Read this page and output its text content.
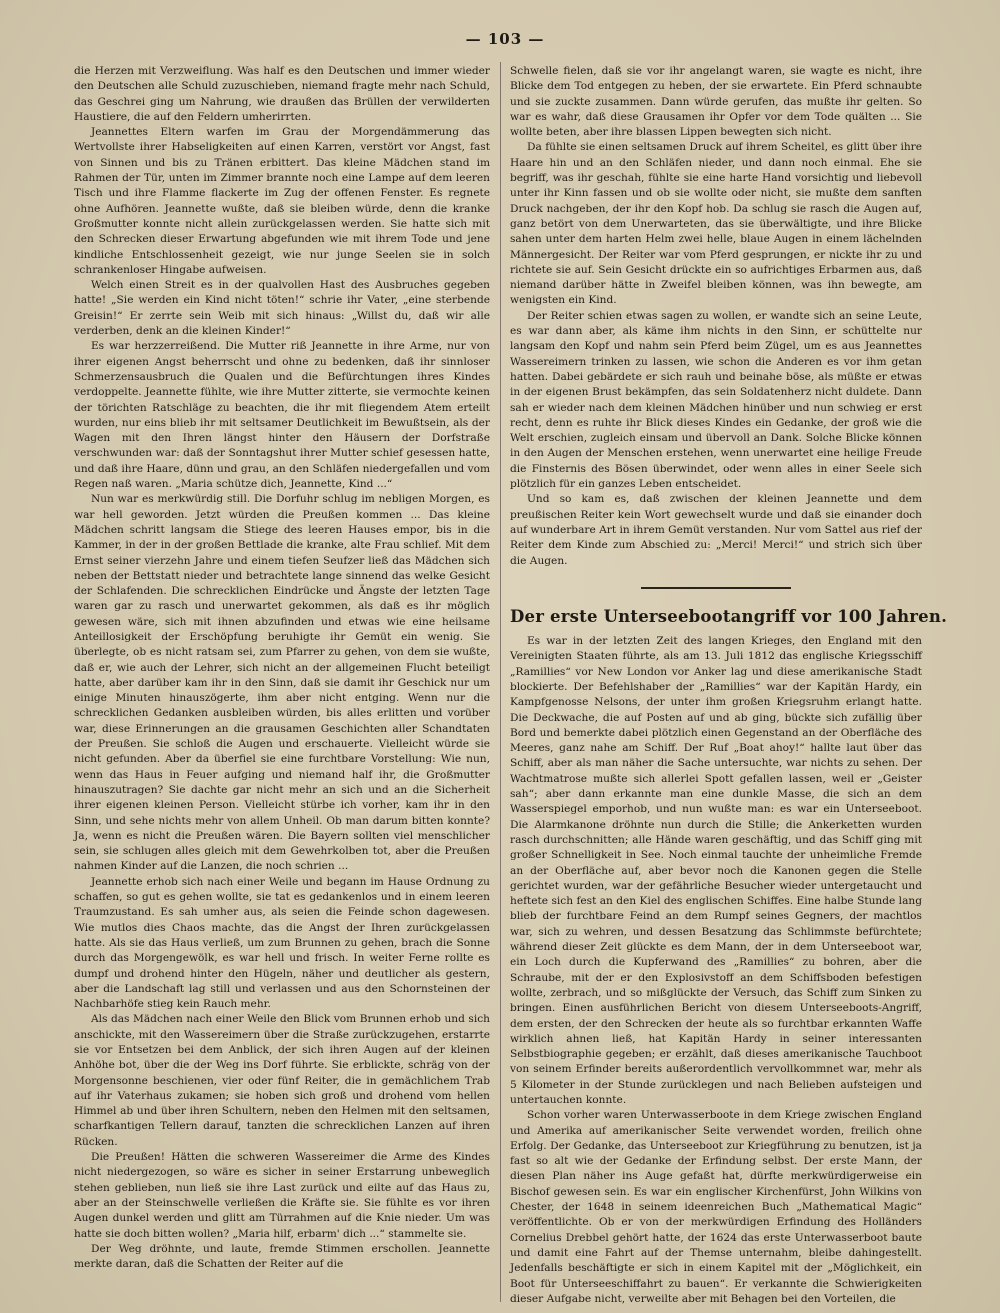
— 103 —

die Herzen mit Verzweiflung. Was half es den Deutschen und immer wieder den Deutschen alle Schuld zuzuschieben, niemand fragte mehr nach Schuld, das Geschrei ging um Nahrung, wie draußen das Brüllen der verwilderten Haustiere, die auf den Feldern umherirrten.

Jeannettes Eltern warfen im Grau der Morgendämmerung das Wertvollste ihrer Habseligkeiten auf einen Karren, verstört vor Angst, fast von Sinnen und bis zu Tränen erbittert. Das kleine Mädchen stand im Rahmen der Tür, unten im Zimmer brannte noch eine Lampe auf dem leeren Tisch und ihre Flamme flackerte im Zug der offenen Fenster. Es regnete ohne Aufhören. Jeannette wußte, daß sie bleiben würde, denn die kranke Großmutter konnte nicht allein zurückgelassen werden. Sie hatte sich mit den Schrecken dieser Erwartung abgefunden wie mit ihrem Tode und jene kindliche Entschlossenheit gezeigt, wie nur junge Seelen sie in solch schrankenloser Hingabe aufweisen.

Welch einen Streit es in der qualvollen Hast des Ausbruches gegeben hatte! „Sie werden ein Kind nicht töten!“ schrie ihr Vater, „eine sterbende Greisin!“ Er zerrte sein Weib mit sich hinaus: „Willst du, daß wir alle verderben, denk an die kleinen Kinder!“

Es war herzzerreißend. Die Mutter riß Jeannette in ihre Arme, nur von ihrer eigenen Angst beherrscht und ohne zu bedenken, daß ihr sinnloser Schmerzensausbruch die Qualen und die Befürchtungen ihres Kindes verdoppelte. Jeannette fühlte, wie ihre Mutter zitterte, sie vermochte keinen der törichten Ratschläge zu beachten, die ihr mit fliegendem Atem erteilt wurden, nur eins blieb ihr mit seltsamer Deutlichkeit im Bewußtsein, als der Wagen mit den Ihren längst hinter den Häusern der Dorfstraße verschwunden war: daß der Sonntagshut ihrer Mutter schief gesessen hatte, und daß ihre Haare, dünn und grau, an den Schläfen niedergefallen und vom Regen naß waren. „Maria schütze dich, Jeannette, Kind ...“

Nun war es merkwürdig still. Die Dorfuhr schlug im nebligen Morgen, es war hell geworden. Jetzt würden die Preußen kommen ... Das kleine Mädchen schritt langsam die Stiege des leeren Hauses empor, bis in die Kammer, in der in der großen Bettlade die kranke, alte Frau schlief. Mit dem Ernst seiner vierzehn Jahre und einem tiefen Seufzer ließ das Mädchen sich neben der Bettstatt nieder und betrachtete lange sinnend das welke Gesicht der Schlafenden. Die schrecklichen Eindrücke und Ängste der letzten Tage waren gar zu rasch und unerwartet gekommen, als daß es ihr möglich gewesen wäre, sich mit ihnen abzufinden und etwas wie eine heilsame Anteillosigkeit der Erschöpfung beruhigte ihr Gemüt ein wenig. Sie überlegte, ob es nicht ratsam sei, zum Pfarrer zu gehen, von dem sie wußte, daß er, wie auch der Lehrer, sich nicht an der allgemeinen Flucht beteiligt hatte, aber darüber kam ihr in den Sinn, daß sie damit ihr Geschick nur um einige Minuten hinauszögerte, ihm aber nicht entging. Wenn nur die schrecklichen Gedanken ausbleiben würden, bis alles erlitten und vorüber war, diese Erinnerungen an die grausamen Geschichten aller Schandtaten der Preußen. Sie schloß die Augen und erschauerte. Vielleicht würde sie nicht gefunden. Aber da überfiel sie eine furchtbare Vorstellung: Wie nun, wenn das Haus in Feuer aufging und niemand half ihr, die Großmutter hinauszutragen? Sie dachte gar nicht mehr an sich und an die Sicherheit ihrer eigenen kleinen Person. Vielleicht stürbe ich vorher, kam ihr in den Sinn, und sehe nichts mehr von allem Unheil. Ob man darum bitten konnte? Ja, wenn es nicht die Preußen wären. Die Bayern sollten viel menschlicher sein, sie schlugen alles gleich mit dem Gewehrkolben tot, aber die Preußen nahmen Kinder auf die Lanzen, die noch schrien ...

Jeannette erhob sich nach einer Weile und begann im Hause Ordnung zu schaffen, so gut es gehen wollte, sie tat es gedankenlos und in einem leeren Traumzustand. Es sah umher aus, als seien die Feinde schon dagewesen. Wie mutlos dies Chaos machte, das die Angst der Ihren zurückgelassen hatte. Als sie das Haus verließ, um zum Brunnen zu gehen, brach die Sonne durch das Morgengewölk, es war hell und frisch. In weiter Ferne rollte es dumpf und drohend hinter den Hügeln, näher und deutlicher als gestern, aber die Landschaft lag still und verlassen und aus den Schornsteinen der Nachbarhöfe stieg kein Rauch mehr.

Als das Mädchen nach einer Weile den Blick vom Brunnen erhob und sich anschickte, mit den Wassereimern über die Straße zurückzugehen, erstarrte sie vor Entsetzen bei dem Anblick, der sich ihren Augen auf der kleinen Anhöhe bot, über die der Weg ins Dorf führte. Sie erblickte, schräg von der Morgensonne beschienen, vier oder fünf Reiter, die in gemächlichem Trab auf ihr Vaterhaus zukamen; sie hoben sich groß und drohend vom hellen Himmel ab und über ihren Schultern, neben den Helmen mit den seltsamen, scharfkantigen Tellern darauf, tanzten die schrecklichen Lanzen auf ihren Rücken.

Die Preußen! Hätten die schweren Wassereimer die Arme des Kindes nicht niedergezogen, so wäre es sicher in seiner Erstarrung unbeweglich stehen geblieben, nun ließ sie ihre Last zurück und eilte auf das Haus zu, aber an der Steinschwelle verließen die Kräfte sie. Sie fühlte es vor ihren Augen dunkel werden und glitt am Türrahmen auf die Knie nieder. Um was hatte sie doch bitten wollen? „Maria hilf, erbarm' dich ...“ stammelte sie.

Der Weg dröhnte, und laute, fremde Stimmen erschollen. Jeannette merkte daran, daß die Schatten der Reiter auf die

Schwelle fielen, daß sie vor ihr angelangt waren, sie wagte es nicht, ihre Blicke dem Tod entgegen zu heben, der sie erwartete. Ein Pferd schnaubte und sie zuckte zusammen. Dann würde gerufen, das mußte ihr gelten. So war es wahr, daß diese Grausamen ihr Opfer vor dem Tode quälten ... Sie wollte beten, aber ihre blassen Lippen bewegten sich nicht.

Da fühlte sie einen seltsamen Druck auf ihrem Scheitel, es glitt über ihre Haare hin und an den Schläfen nieder, und dann noch einmal. Ehe sie begriff, was ihr geschah, fühlte sie eine harte Hand vorsichtig und liebevoll unter ihr Kinn fassen und ob sie wollte oder nicht, sie mußte dem sanften Druck nachgeben, der ihr den Kopf hob. Da schlug sie rasch die Augen auf, ganz betört von dem Unerwarteten, das sie überwältigte, und ihre Blicke sahen unter dem harten Helm zwei helle, blaue Augen in einem lächelnden Männergesicht. Der Reiter war vom Pferd gesprungen, er nickte ihr zu und richtete sie auf. Sein Gesicht drückte ein so aufrichtiges Erbarmen aus, daß niemand darüber hätte in Zweifel bleiben können, was ihn bewegte, am wenigsten ein Kind.

Der Reiter schien etwas sagen zu wollen, er wandte sich an seine Leute, es war dann aber, als käme ihm nichts in den Sinn, er schüttelte nur langsam den Kopf und nahm sein Pferd beim Zügel, um es aus Jeannettes Wassereimern trinken zu lassen, wie schon die Anderen es vor ihm getan hatten. Dabei gebärdete er sich rauh und beinahe böse, als müßte er etwas in der eigenen Brust bekämpfen, das sein Soldatenherz nicht duldete. Dann sah er wieder nach dem kleinen Mädchen hinüber und nun schwieg er erst recht, denn es ruhte ihr Blick dieses Kindes ein Gedanke, der groß wie die Welt erschien, zugleich einsam und übervoll an Dank. Solche Blicke können in den Augen der Menschen erstehen, wenn unerwartet eine heilige Freude die Finsternis des Bösen überwindet, oder wenn alles in einer Seele sich plötzlich für ein ganzes Leben entscheidet.

Und so kam es, daß zwischen der kleinen Jeannette und dem preußischen Reiter kein Wort gewechselt wurde und daß sie einander doch auf wunderbare Art in ihrem Gemüt verstanden. Nur vom Sattel aus rief der Reiter dem Kinde zum Abschied zu: „Merci! Merci!“ und strich sich über die Augen.

Der erste Unterseebootangriff vor 100 Jahren.

Es war in der letzten Zeit des langen Krieges, den England mit den Vereinigten Staaten führte, als am 13. Juli 1812 das englische Kriegsschiff „Ramillies“ vor New London vor Anker lag und diese amerikanische Stadt blockierte. Der Befehlshaber der „Ramillies“ war der Kapitän Hardy, ein Kampfgenosse Nelsons, der unter ihm großen Kriegsruhm erlangt hatte. Die Deckwache, die auf Posten auf und ab ging, bückte sich zufällig über Bord und bemerkte dabei plötzlich einen Gegenstand an der Oberfläche des Meeres, ganz nahe am Schiff. Der Ruf „Boat ahoy!“ hallte laut über das Schiff, aber als man näher die Sache untersuchte, war nichts zu sehen. Der Wachtmatrose mußte sich allerlei Spott gefallen lassen, weil er „Geister sah“; aber dann erkannte man eine dunkle Masse, die sich an dem Wasserspiegel emporhob, und nun wußte man: es war ein Unterseeboot. Die Alarmkanone dröhnte nun durch die Stille; die Ankerketten wurden rasch durchschnitten; alle Hände waren geschäftig, und das Schiff ging mit großer Schnelligkeit in See. Noch einmal tauchte der unheimliche Fremde an der Oberfläche auf, aber bevor noch die Kanonen gegen die Stelle gerichtet wurden, war der gefährliche Besucher wieder untergetaucht und heftete sich fest an den Kiel des englischen Schiffes. Eine halbe Stunde lang blieb der furchtbare Feind an dem Rumpf seines Gegners, der machtlos war, sich zu wehren, und dessen Besatzung das Schlimmste befürchtete; während dieser Zeit glückte es dem Mann, der in dem Unterseeboot war, ein Loch durch die Kupferwand des „Ramillies“ zu bohren, aber die Schraube, mit der er den Explosivstoff an dem Schiffsboden befestigen wollte, zerbrach, und so mißglückte der Versuch, das Schiff zum Sinken zu bringen. Einen ausführlichen Bericht von diesem Unterseeboots-Angriff, dem ersten, der den Schrecken der heute als so furchtbar erkannten Waffe wirklich ahnen ließ, hat Kapitän Hardy in seiner interessanten Selbstbiographie gegeben; er erzählt, daß dieses amerikanische Tauchboot von seinem Erfinder bereits außerordentlich vervollkommnet war, mehr als 5 Kilometer in der Stunde zurücklegen und nach Belieben aufsteigen und untertauchen konnte.

Schon vorher waren Unterwasserboote in dem Kriege zwischen England und Amerika auf amerikanischer Seite verwendet worden, freilich ohne Erfolg. Der Gedanke, das Unterseeboot zur Kriegführung zu benutzen, ist ja fast so alt wie der Gedanke der Erfindung selbst. Der erste Mann, der diesen Plan näher ins Auge gefaßt hat, dürfte merkwürdigerweise ein Bischof gewesen sein. Es war ein englischer Kirchenfürst, John Wilkins von Chester, der 1648 in seinem ideenreichen Buch „Mathematical Magic“ veröffentlichte. Ob er von der merkwürdigen Erfindung des Holländers Cornelius Drebbel gehört hatte, der 1624 das erste Unterwasserboot baute und damit eine Fahrt auf der Themse unternahm, bleibe dahingestellt. Jedenfalls beschäftigte er sich in einem Kapitel mit der „Möglichkeit, ein Boot für Unterseeschiffahrt zu bauen“. Er verkannte die Schwierigkeiten dieser Aufgabe nicht, verweilte aber mit Behagen bei den Vorteilen, die
